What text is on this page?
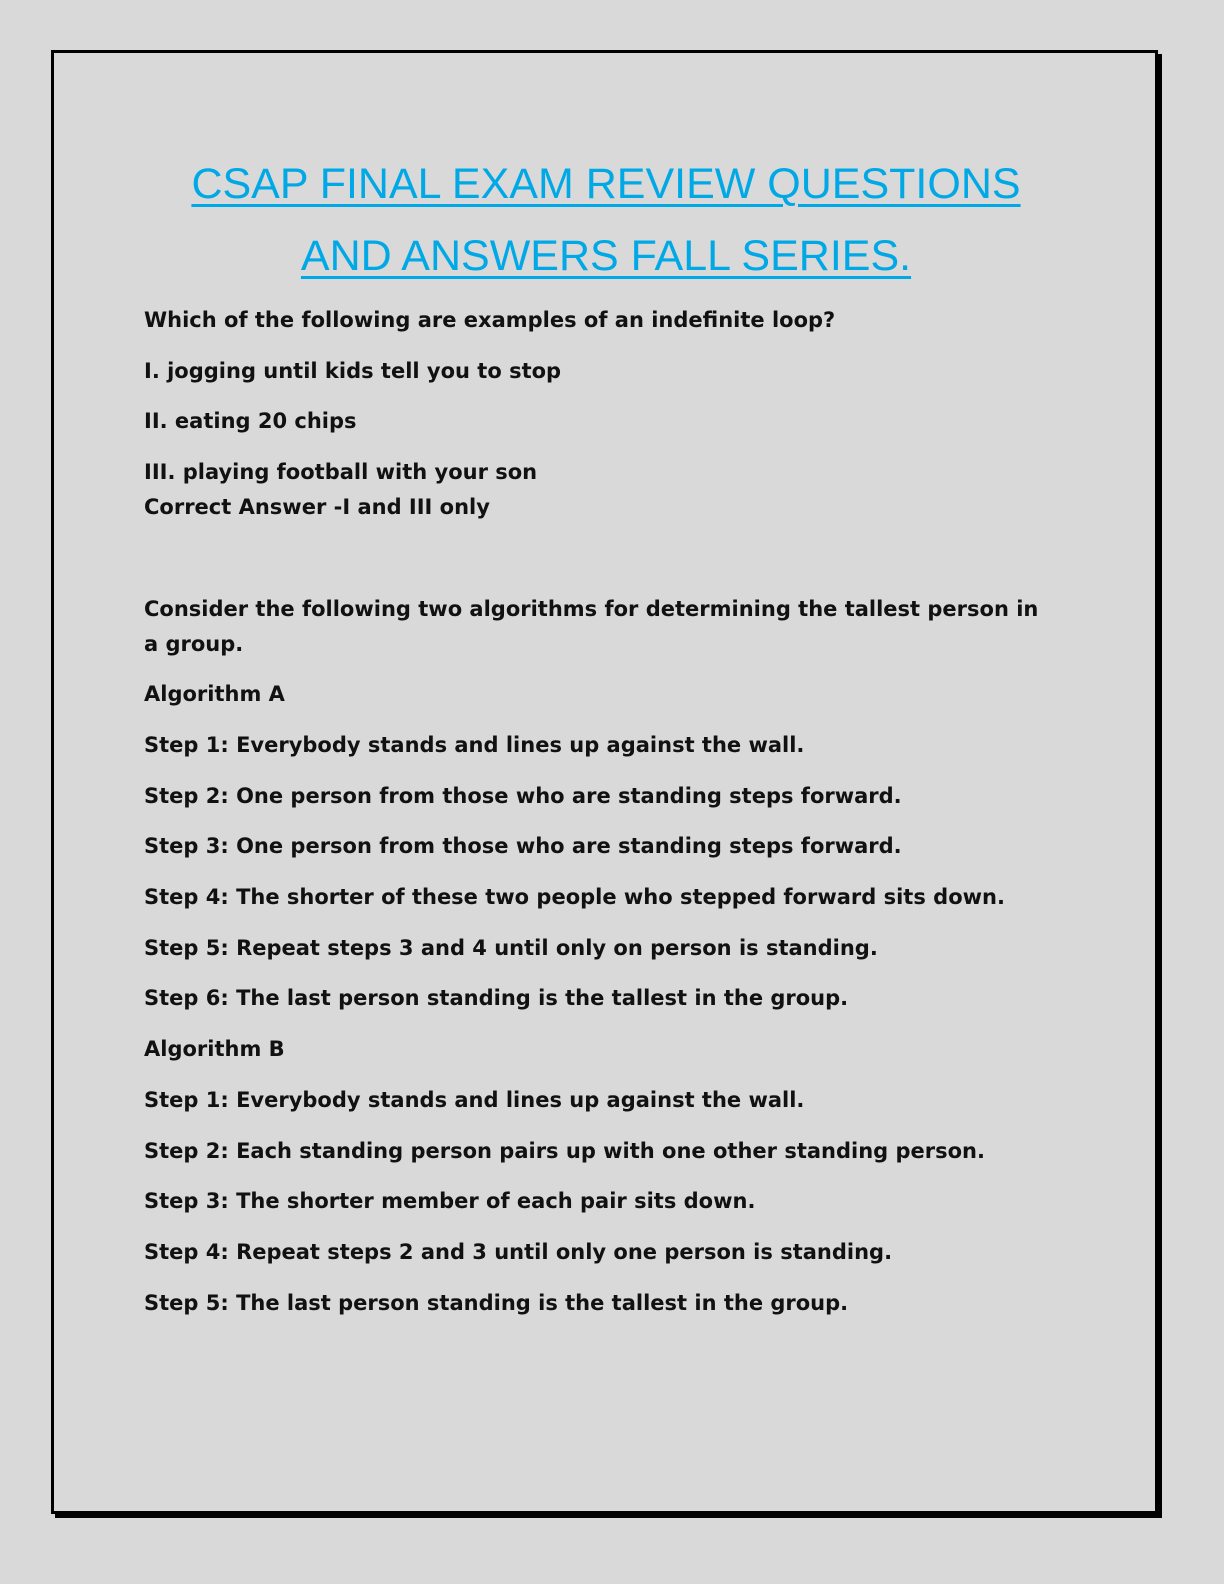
CSAP FINAL EXAM REVIEW QUESTIONS
AND ANSWERS FALL SERIES.

Which of the following are examples of an indefinite loop?

I. jogging until kids tell you to stop

II. eating 20 chips

III. playing football with your son

Correct Answer -I and III only

Consider the following two algorithms for determining the tallest person in

a group.

Algorithm A

Step 1: Everybody stands and lines up against the wall.

Step 2: One person from those who are standing steps forward.

Step 3: One person from those who are standing steps forward.

Step 4: The shorter of these two people who stepped forward sits down.

Step 5: Repeat steps 3 and 4 until only on person is standing.

Step 6: The last person standing is the tallest in the group.

Algorithm B

Step 1: Everybody stands and lines up against the wall.

Step 2: Each standing person pairs up with one other standing person.

Step 3: The shorter member of each pair sits down.

Step 4: Repeat steps 2 and 3 until only one person is standing.

Step 5: The last person standing is the tallest in the group.
